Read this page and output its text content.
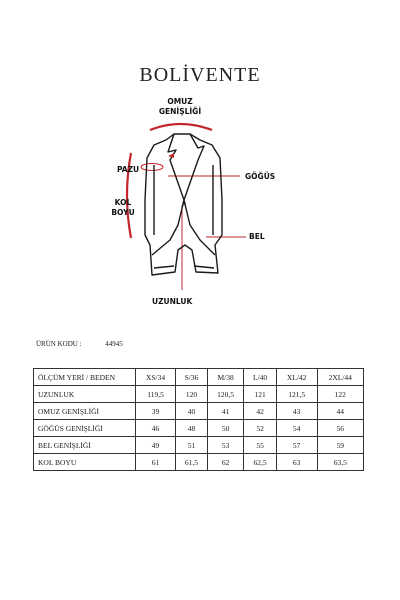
BOLİVENTE
OMUZ
GENİŞLİĞİ
PAZU
GÖĞÜS
KOL
BOYU
BEL
UZUNLUK
ÜRÜN KODU :	44945
ÖLÇÜM YERİ / BEDEN	XS/34	S/36	M/38	L/40	XL/42	2XL/44
UZUNLUK	119,5	120	120,5	121	121,5	122
OMUZ GENİŞLİĞİ	39	40	41	42	43	44
GÖĞÜS GENİŞLİĞİ	46	48	50	52	54	56
BEL GENİŞLİĞİ	49	51	53	55	57	59
KOL BOYU	61	61,5	62	62,5	63	63,5
